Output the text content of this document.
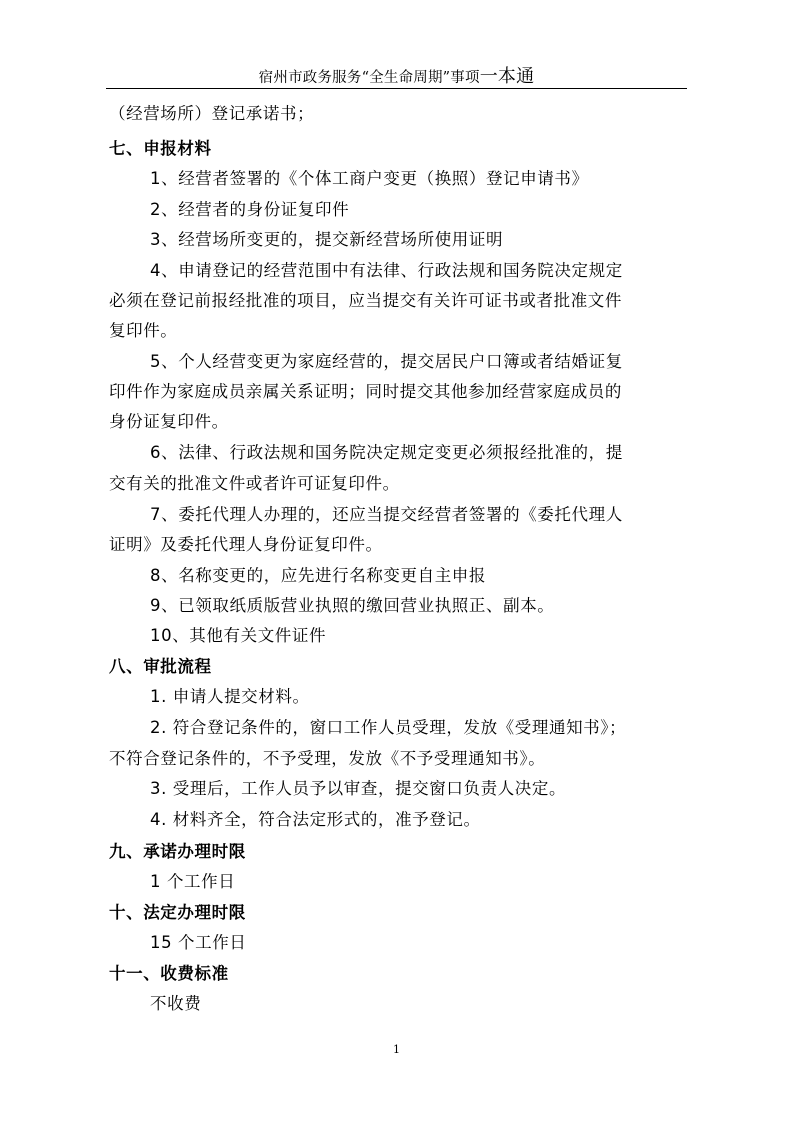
宿州市政务服务“全生命周期”事项一本通
（经营场所）登记承诺书；
七、申报材料
1、经营者签署的《个体工商户变更（换照）登记申请书》
2、经营者的身份证复印件
3、经营场所变更的，提交新经营场所使用证明
4、申请登记的经营范围中有法律、行政法规和国务院决定规定
必须在登记前报经批准的项目，应当提交有关许可证书或者批准文件
复印件。
5、个人经营变更为家庭经营的，提交居民户口簿或者结婚证复
印件作为家庭成员亲属关系证明；同时提交其他参加经营家庭成员的
身份证复印件。
6、法律、行政法规和国务院决定规定变更必须报经批准的，提
交有关的批准文件或者许可证复印件。
7、委托代理人办理的，还应当提交经营者签署的《委托代理人
证明》及委托代理人身份证复印件。
8、名称变更的，应先进行名称变更自主申报
9、已领取纸质版营业执照的缴回营业执照正、副本。
10、其他有关文件证件
八、审批流程
1. 申请人提交材料。
2. 符合登记条件的，窗口工作人员受理，发放《受理通知书》；
不符合登记条件的，不予受理，发放《不予受理通知书》。
3. 受理后，工作人员予以审查，提交窗口负责人决定。
4. 材料齐全，符合法定形式的，准予登记。
九、承诺办理时限
1 个工作日
十、法定办理时限
15 个工作日
十一、收费标准
不收费
1
